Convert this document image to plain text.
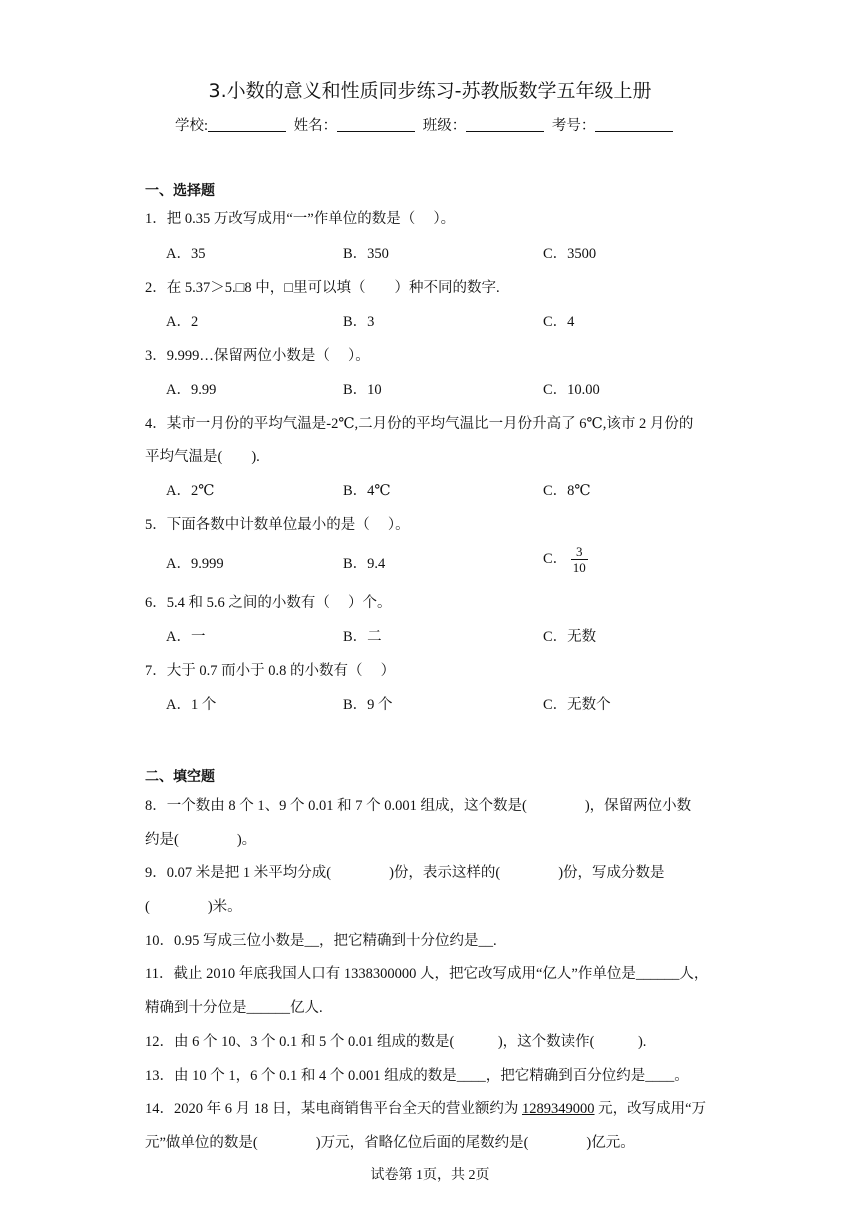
3.小数的意义和性质同步练习-苏教版数学五年级上册
学校:	姓名：	班级：	考号：
一、选择题
1．把 0.35 万改写成用“一”作单位的数是（　 ）。
A．35	B．350	C．3500
2．在 5.37＞5.□8 中，□里可以填（　　）种不同的数字.
A．2	B．3	C．4
3．9.999…保留两位小数是（　 ）。
A．9.99	B．10	C．10.00
4．某市一月份的平均气温是-2℃,二月份的平均气温比一月份升高了 6℃,该市 2 月份的
平均气温是(　　).
A．2℃	B．4℃	C．8℃
5．下面各数中计数单位最小的是（　 ）。
A．9.999	B．9.4	C． $\frac{3}{10}$
6．5.4 和 5.6 之间的小数有（　 ）个。
A．一	B．二	C．无数
7．大于 0.7 而小于 0.8 的小数有（　 ）
A．1 个	B．9 个	C．无数个
二、填空题
8．一个数由 8 个 1、9 个 0.01 和 7 个 0.001 组成，这个数是(　　　　)，保留两位小数
约是(　　　　)。
9．0.07 米是把 1 米平均分成(　　　　)份，表示这样的(　　　　)份，写成分数是
(　　　　)米。
10．0.95 写成三位小数是__，把它精确到十分位约是__.
11．截止 2010 年底我国人口有 1338300000 人，把它改写成用“亿人”作单位是______人，
精确到十分位是______亿人.
12．由 6 个 10、3 个 0.1 和 5 个 0.01 组成的数是(　　　)，这个数读作(　　　).
13．由 10 个 1，6 个 0.1 和 4 个 0.001 组成的数是____，把它精确到百分位约是____。
14．2020 年 6 月 18 日，某电商销售平台全天的营业额约为 1289349000 元，改写成用“万
元”做单位的数是(　　　　)万元，省略亿位后面的尾数约是(　　　　)亿元。
试卷第 1页，共 2页
